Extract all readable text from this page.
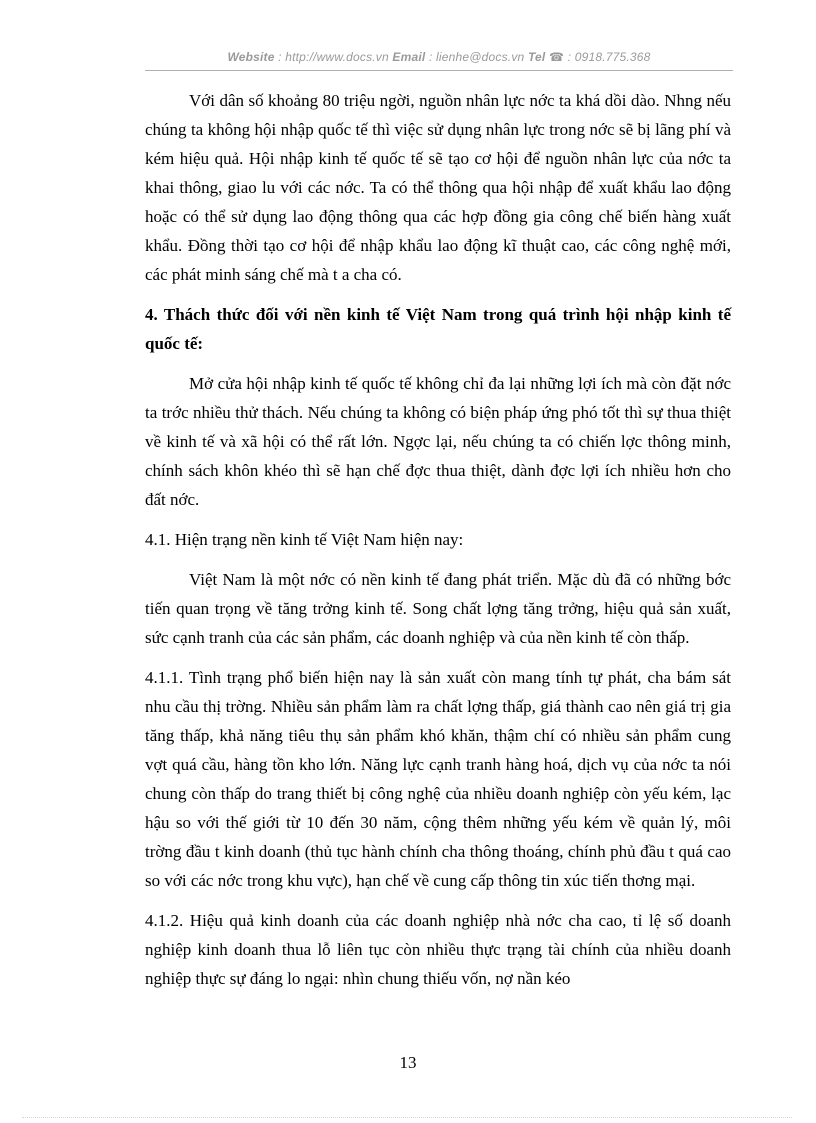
Website : http://www.docs.vn Email : lienhe@docs.vn Tel ☎ : 0918.775.368

Với dân số khoảng 80 triệu ngời, nguồn nhân lực nớc ta khá dồi dào. Nhng nếu chúng ta không hội nhập quốc tế thì việc sử dụng nhân lực trong nớc sẽ bị lãng phí và kém hiệu quả. Hội nhập kinh tế quốc tế sẽ tạo cơ hội để nguồn nhân lực của nớc ta khai thông, giao lu với các nớc. Ta có thể thông qua hội nhập để xuất khẩu lao động hoặc có thể sử dụng lao động thông qua các hợp đồng gia công chế biến hàng xuất khẩu. Đồng thời tạo cơ hội để nhập khẩu lao động kĩ thuật cao, các công nghệ mới, các phát minh sáng chế mà t a cha có.

4. Thách thức đối với nền kinh tế Việt Nam trong quá trình hội nhập kinh tế quốc tế:

Mở cửa hội nhập kinh tế quốc tế không chỉ đa lại những lợi ích mà còn đặt nớc ta trớc nhiều thử thách. Nếu chúng ta không có biện pháp ứng phó tốt thì sự thua thiệt về kinh tế và xã hội có thể rất lớn. Ngợc lại, nếu chúng ta có chiến lợc thông minh, chính sách khôn khéo thì sẽ hạn chế đợc thua thiệt, dành đợc lợi ích nhiều hơn cho đất nớc.

4.1. Hiện trạng nền kinh tế Việt Nam hiện nay:

Việt Nam là một nớc có nền kinh tế đang phát triển. Mặc dù đã có những bớc tiến quan trọng về tăng trởng kinh tế. Song chất lợng tăng trởng, hiệu quả sản xuất, sức cạnh tranh của các sản phẩm, các doanh nghiệp và của nền kinh tế còn thấp.

4.1.1. Tình trạng phổ biến hiện nay là sản xuất còn mang tính tự phát, cha bám sát nhu cầu thị trờng. Nhiều sản phẩm làm ra chất lợng thấp, giá thành cao nên giá trị gia tăng thấp, khả năng tiêu thụ sản phẩm khó khăn, thậm chí có nhiều sản phẩm cung vợt quá cầu, hàng tồn kho lớn. Năng lực cạnh tranh hàng hoá, dịch vụ của nớc ta nói chung còn thấp do trang thiết bị công nghệ của nhiều doanh nghiệp còn yếu kém, lạc hậu so với thế giới từ 10 đến 30 năm, cộng thêm những yếu kém về quản lý, môi trờng đầu t kinh doanh (thủ tục hành chính cha thông thoáng, chính phủ đầu t quá cao so với các nớc trong khu vực), hạn chế về cung cấp thông tin xúc tiến thơng mại.

4.1.2. Hiệu quả kinh doanh của các doanh nghiệp nhà nớc cha cao, tỉ lệ số doanh nghiệp kinh doanh thua lỗ liên tục còn nhiều thực trạng tài chính của nhiều doanh nghiệp thực sự đáng lo ngại: nhìn chung thiếu vốn, nợ nần kéo

13
